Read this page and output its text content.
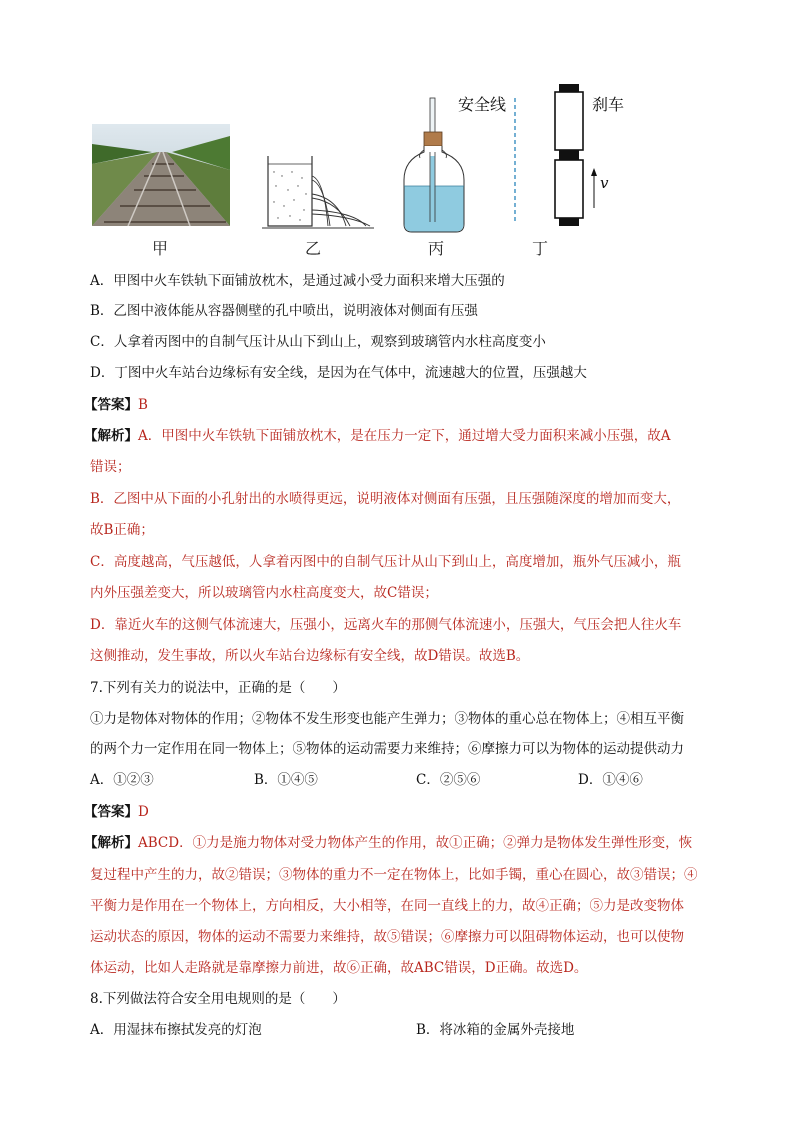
安全线	刹车
v
甲	乙	丙	丁
A．甲图中火车铁轨下面铺放枕木，是通过减小受力面积来增大压强的
B．乙图中液体能从容器侧壁的孔中喷出，说明液体对侧面有压强
C．人拿着丙图中的自制气压计从山下到山上，观察到玻璃管内水柱高度变小
D．丁图中火车站台边缘标有安全线，是因为在气体中，流速越大的位置，压强越大
【答案】B
【解析】A．甲图中火车铁轨下面铺放枕木，是在压力一定下，通过增大受力面积来减小压强，故A
错误；
B．乙图中从下面的小孔射出的水喷得更远，说明液体对侧面有压强，且压强随深度的增加而变大，
故B正确；
C．高度越高，气压越低，人拿着丙图中的自制气压计从山下到山上，高度增加，瓶外气压减小，瓶
内外压强差变大，所以玻璃管内水柱高度变大，故C错误；
D．靠近火车的这侧气体流速大，压强小，远离火车的那侧气体流速小，压强大，气压会把人往火车
这侧推动，发生事故，所以火车站台边缘标有安全线，故D错误。故选B。
7.下列有关力的说法中，正确的是（　　）
①力是物体对物体的作用；②物体不发生形变也能产生弹力；③物体的重心总在物体上；④相互平衡
的两个力一定作用在同一物体上；⑤物体的运动需要力来维持；⑥摩擦力可以为物体的运动提供动力
A．①②③	B．①④⑤	C．②⑤⑥	D．①④⑥
【答案】D
【解析】ABCD．①力是施力物体对受力物体产生的作用，故①正确；②弹力是物体发生弹性形变，恢
复过程中产生的力，故②错误；③物体的重力不一定在物体上，比如手镯，重心在圆心，故③错误；④
平衡力是作用在一个物体上，方向相反，大小相等，在同一直线上的力，故④正确；⑤力是改变物体
运动状态的原因，物体的运动不需要力来维持，故⑤错误；⑥摩擦力可以阻碍物体运动，也可以使物
体运动，比如人走路就是靠摩擦力前进，故⑥正确，故ABC错误，D正确。故选D。
8.下列做法符合安全用电规则的是（　　）
A．用湿抹布擦拭发亮的灯泡	B．将冰箱的金属外壳接地
